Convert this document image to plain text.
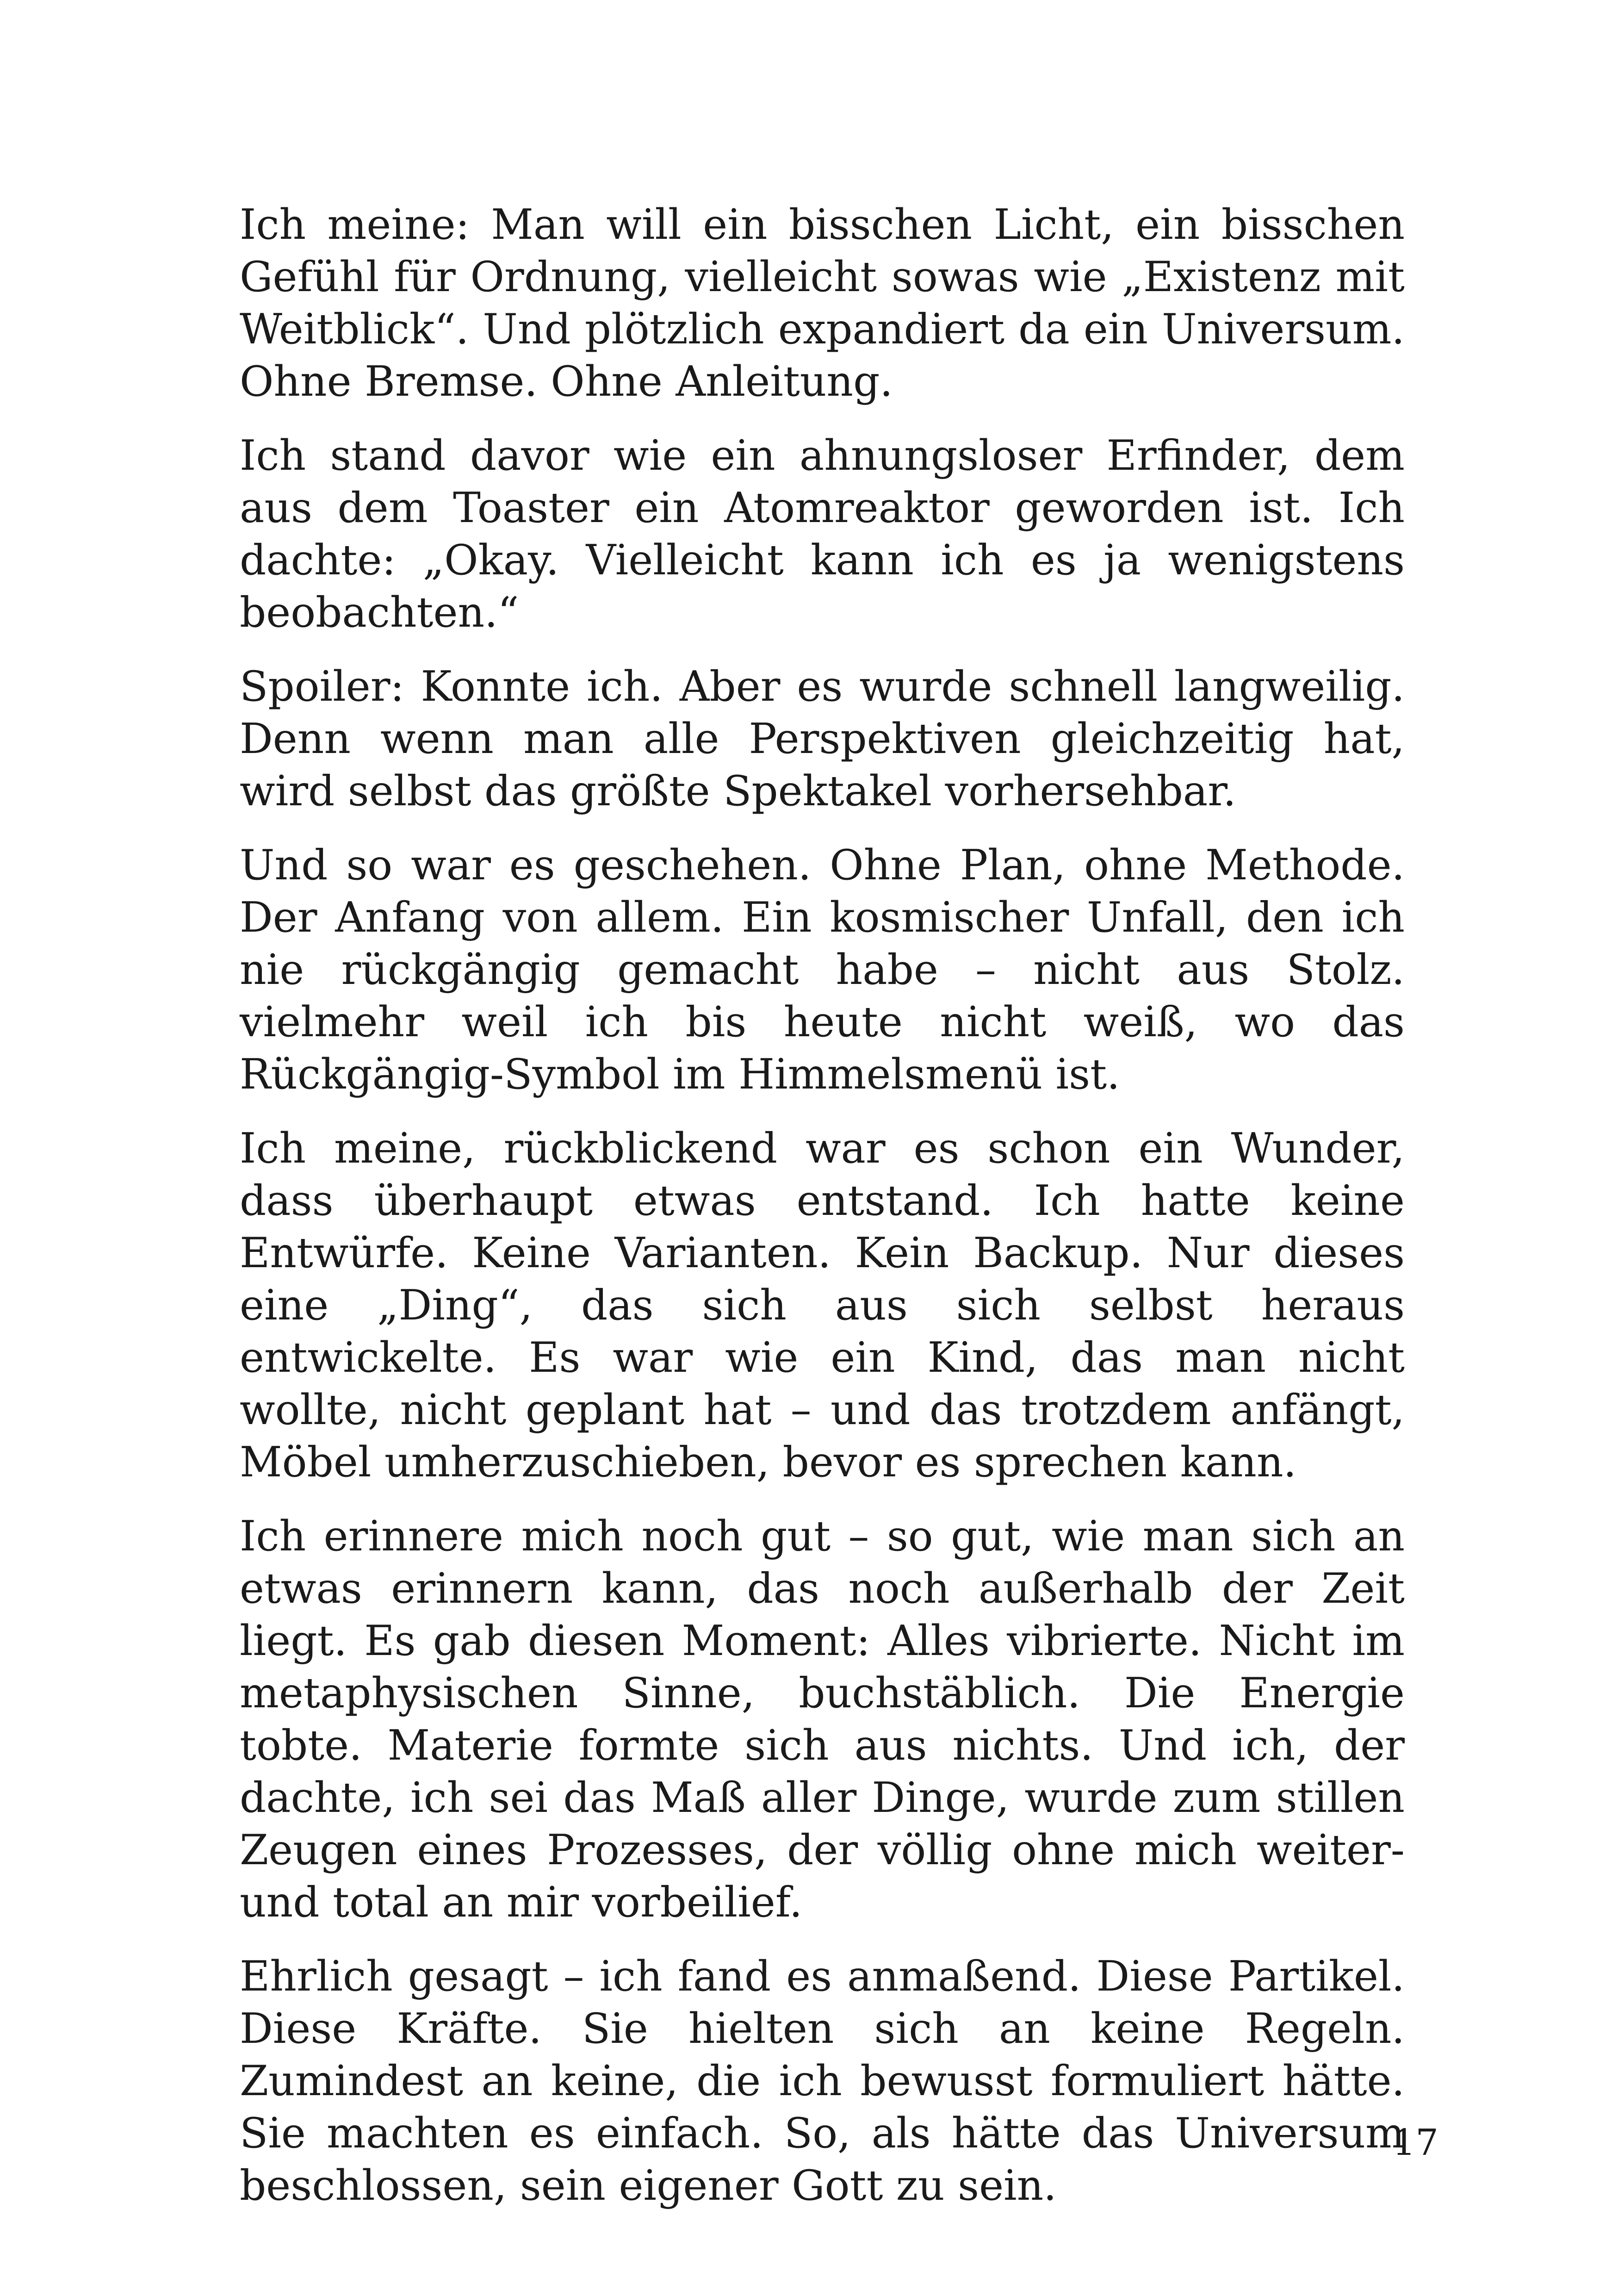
Ich meine: Man will ein bisschen Licht, ein bisschen Gefühl für Ordnung, vielleicht sowas wie „Existenz mit Weitblick“. Und plötzlich expandiert da ein Universum. Ohne Bremse. Ohne Anleitung.

Ich stand davor wie ein ahnungsloser Erfinder, dem aus dem Toaster ein Atomreaktor geworden ist. Ich dachte: „Okay. Vielleicht kann ich es ja wenigstens beobachten.“

Spoiler: Konnte ich. Aber es wurde schnell langweilig. Denn wenn man alle Perspektiven gleichzeitig hat, wird selbst das größte Spektakel vorhersehbar.

Und so war es geschehen. Ohne Plan, ohne Methode. Der Anfang von allem. Ein kosmischer Unfall, den ich nie rückgängig gemacht habe – nicht aus Stolz. vielmehr weil ich bis heute nicht weiß, wo das Rückgängig-Symbol im Himmelsmenü ist.

Ich meine, rückblickend war es schon ein Wunder, dass überhaupt etwas entstand. Ich hatte keine Entwürfe. Keine Varianten. Kein Backup. Nur dieses eine „Ding“, das sich aus sich selbst heraus entwickelte. Es war wie ein Kind, das man nicht wollte, nicht geplant hat – und das trotzdem anfängt, Möbel umherzuschieben, bevor es sprechen kann.

Ich erinnere mich noch gut – so gut, wie man sich an etwas erinnern kann, das noch außerhalb der Zeit liegt. Es gab diesen Moment: Alles vibrierte. Nicht im metaphysischen Sinne, buchstäblich. Die Energie tobte. Materie formte sich aus nichts. Und ich, der dachte, ich sei das Maß aller Dinge, wurde zum stillen Zeugen eines Prozesses, der völlig ohne mich weiter- und total an mir vorbeilief.

Ehrlich gesagt – ich fand es anmaßend. Diese Partikel. Diese Kräfte. Sie hielten sich an keine Regeln. Zumindest an keine, die ich bewusst formuliert hätte. Sie machten es einfach. So, als hätte das Universum beschlossen, sein eigener Gott zu sein.

17
